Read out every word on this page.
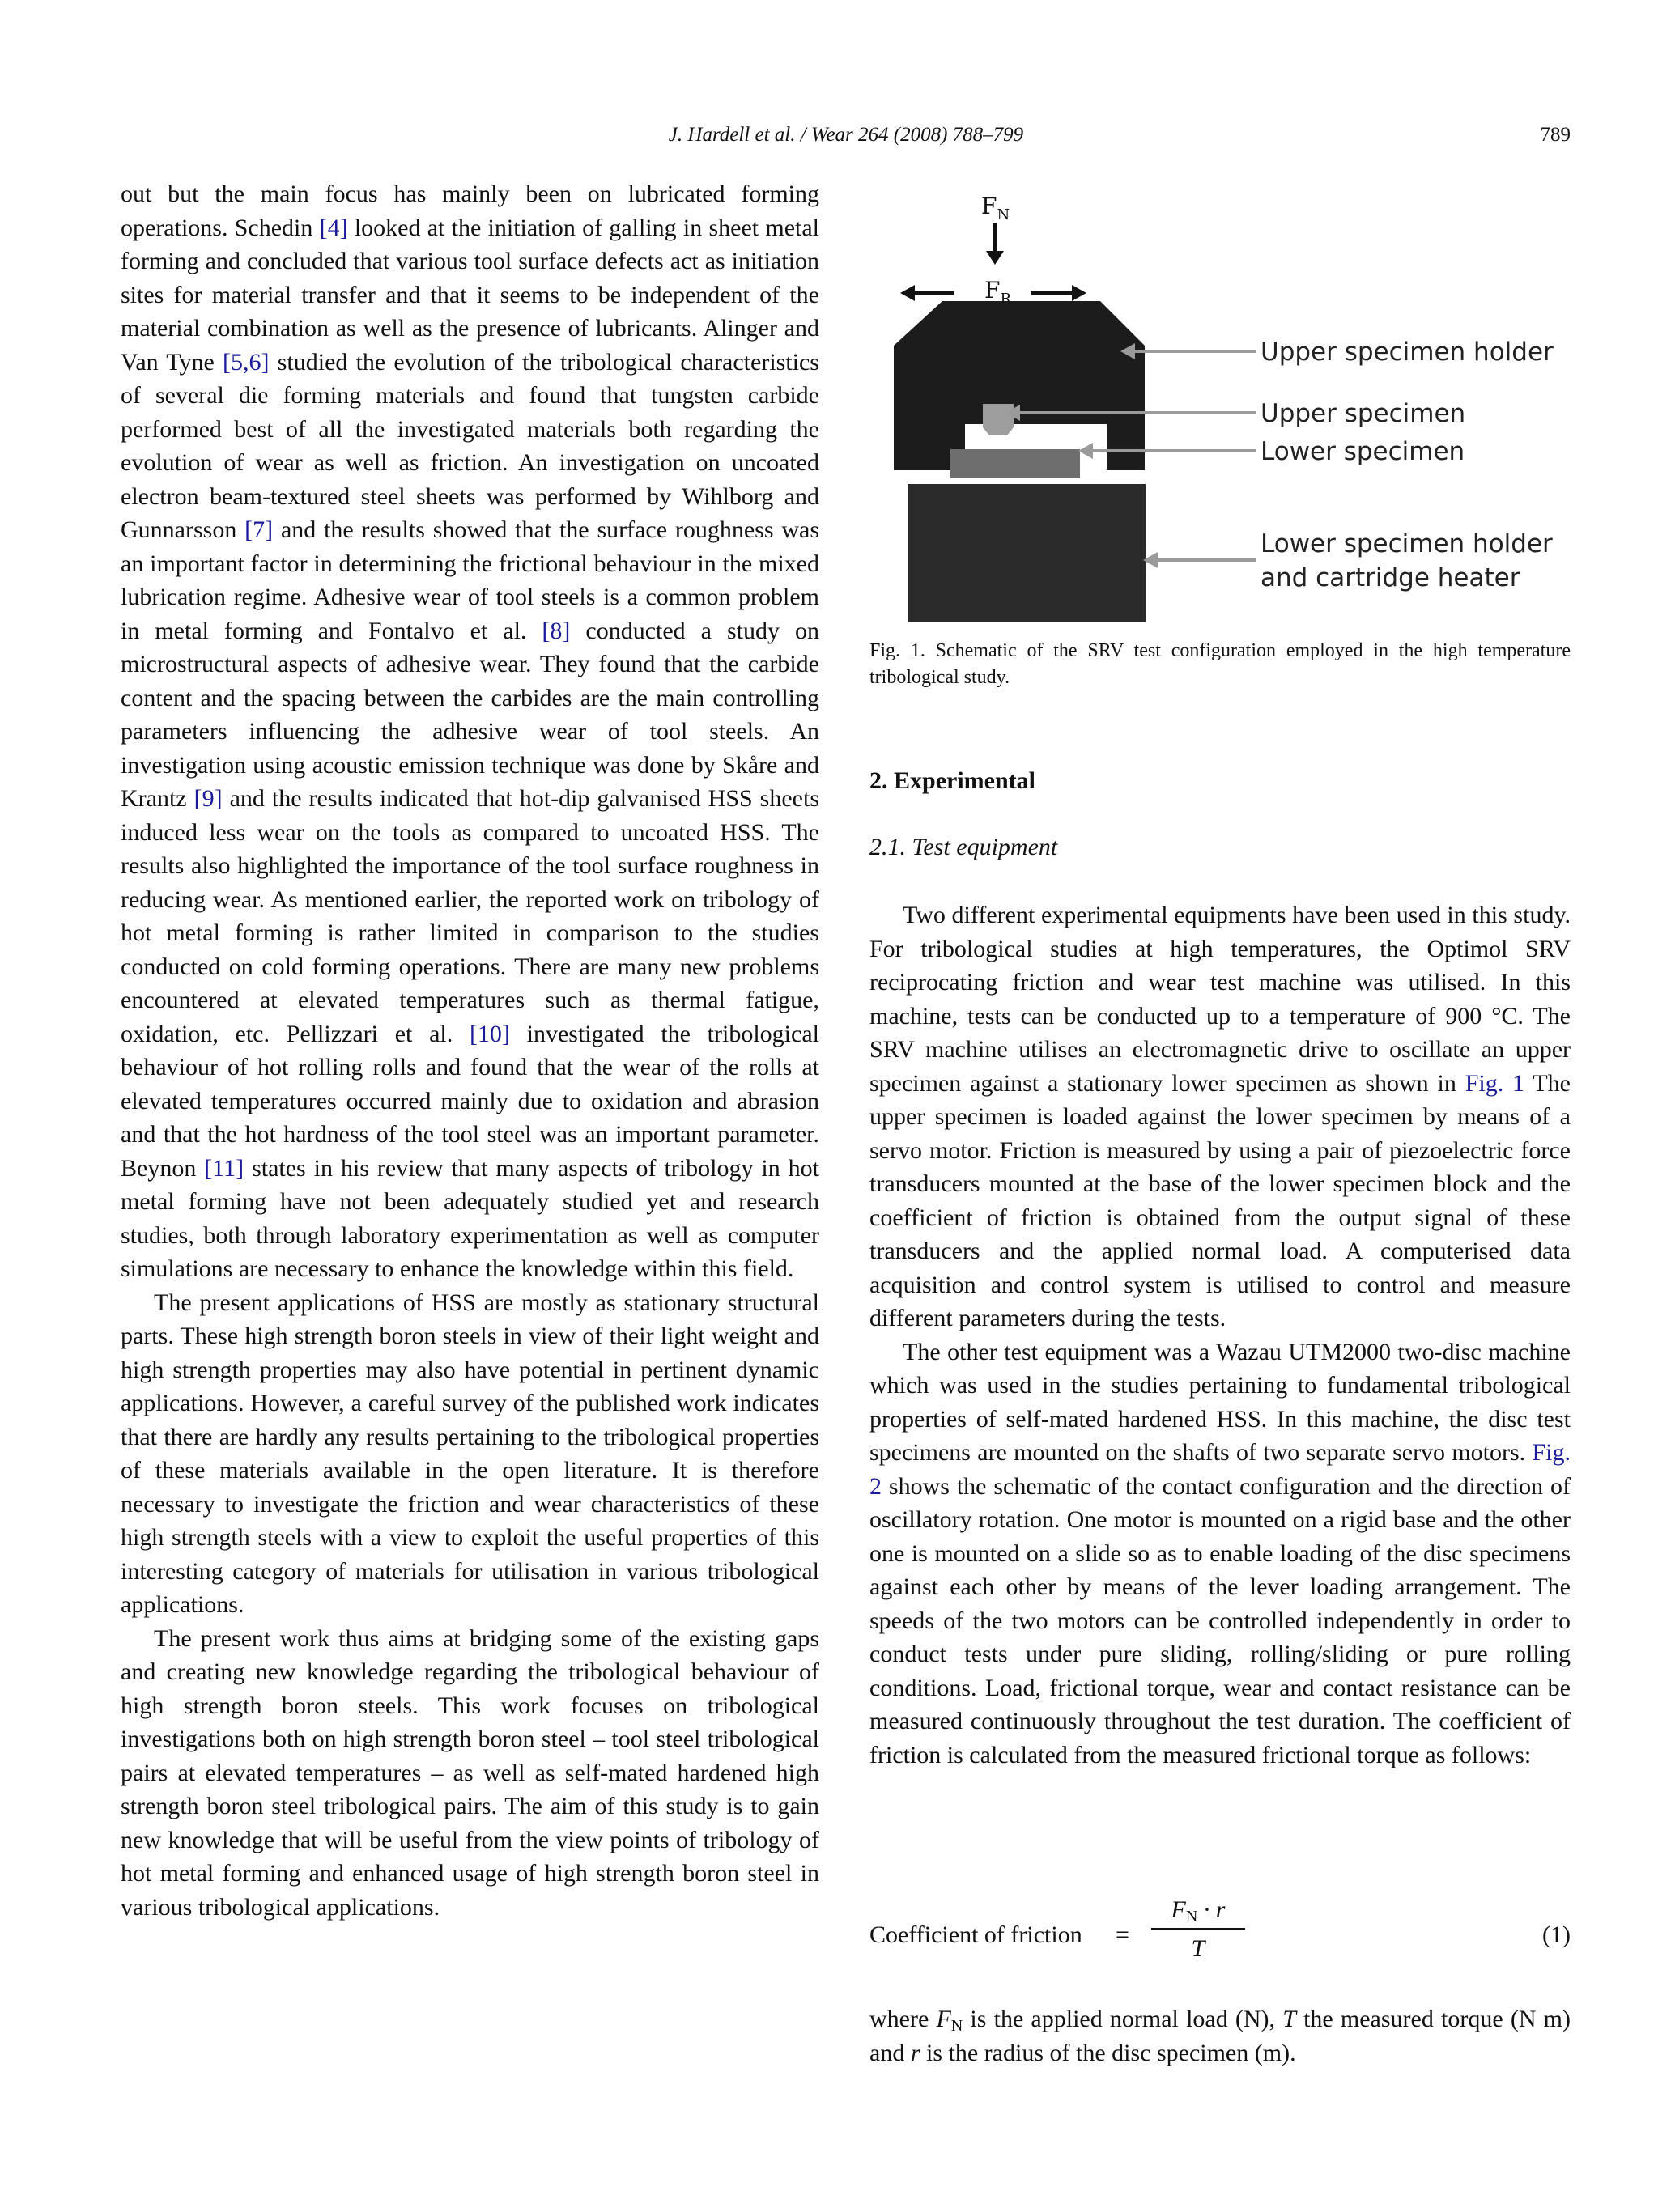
J. Hardell et al. / Wear 264 (2008) 788–799	789

out but the main focus has mainly been on lubricated forming operations. Schedin [4] looked at the initiation of galling in sheet metal forming and concluded that various tool surface defects act as initiation sites for material transfer and that it seems to be independent of the material combination as well as the presence of lubricants. Alinger and Van Tyne [5,6] studied the evolution of the tribological characteristics of several die forming materials and found that tungsten carbide performed best of all the investigated materials both regarding the evolution of wear as well as friction. An investigation on uncoated electron beam-textured steel sheets was performed by Wihlborg and Gunnarsson [7] and the results showed that the surface roughness was an important factor in determining the frictional behaviour in the mixed lubrication regime. Adhesive wear of tool steels is a common problem in metal forming and Fontalvo et al. [8] conducted a study on microstructural aspects of adhesive wear. They found that the carbide content and the spacing between the carbides are the main controlling parameters influencing the adhesive wear of tool steels. An investigation using acoustic emission technique was done by Skåre and Krantz [9] and the results indicated that hot-dip galvanised HSS sheets induced less wear on the tools as compared to uncoated HSS. The results also highlighted the importance of the tool surface roughness in reducing wear. As mentioned earlier, the reported work on tribology of hot metal forming is rather limited in comparison to the studies conducted on cold forming operations. There are many new problems encountered at elevated temperatures such as thermal fatigue, oxidation, etc. Pellizzari et al. [10] investigated the tribological behaviour of hot rolling rolls and found that the wear of the rolls at elevated temperatures occurred mainly due to oxidation and abrasion and that the hot hardness of the tool steel was an important parameter. Beynon [11] states in his review that many aspects of tribology in hot metal forming have not been adequately studied yet and research studies, both through laboratory experimentation as well as computer simulations are necessary to enhance the knowledge within this field.

The present applications of HSS are mostly as stationary structural parts. These high strength boron steels in view of their light weight and high strength properties may also have potential in pertinent dynamic applications. However, a careful survey of the published work indicates that there are hardly any results pertaining to the tribological properties of these materials available in the open literature. It is therefore necessary to investigate the friction and wear characteristics of these high strength steels with a view to exploit the useful properties of this interesting category of materials for utilisation in various tribological applications.

The present work thus aims at bridging some of the existing gaps and creating new knowledge regarding the tribological behaviour of high strength boron steels. This work focuses on tribological investigations both on high strength boron steel – tool steel tribological pairs at elevated temperatures – as well as self-mated hardened high strength boron steel tribological pairs. The aim of this study is to gain new knowledge that will be useful from the view points of tribology of hot metal forming and enhanced usage of high strength boron steel in various tribological applications.

$F_N$
$F_R$
Upper specimen holder
Upper specimen
Lower specimen
Lower specimen holder
and cartridge heater
Fig. 1. Schematic of the SRV test configuration employed in the high temperature tribological study.
2. Experimental
2.1. Test equipment

Two different experimental equipments have been used in this study. For tribological studies at high temperatures, the Optimol SRV reciprocating friction and wear test machine was utilised. In this machine, tests can be conducted up to a temperature of 900 °C. The SRV machine utilises an electromagnetic drive to oscillate an upper specimen against a stationary lower specimen as shown in Fig. 1 The upper specimen is loaded against the lower specimen by means of a servo motor. Friction is measured by using a pair of piezoelectric force transducers mounted at the base of the lower specimen block and the coefficient of friction is obtained from the output signal of these transducers and the applied normal load. A computerised data acquisition and control system is utilised to control and measure different parameters during the tests.

The other test equipment was a Wazau UTM2000 two-disc machine which was used in the studies pertaining to fundamental tribological properties of self-mated hardened HSS. In this machine, the disc test specimens are mounted on the shafts of two separate servo motors. Fig. 2 shows the schematic of the contact configuration and the direction of oscillatory rotation. One motor is mounted on a rigid base and the other one is mounted on a slide so as to enable loading of the disc specimens against each other by means of the lever loading arrangement. The speeds of the two motors can be controlled independently in order to conduct tests under pure sliding, rolling/sliding or pure rolling conditions. Load, frictional torque, wear and contact resistance can be measured continuously throughout the test duration. The coefficient of friction is calculated from the measured frictional torque as follows:

Coefficient of friction = $\frac{F_N \cdot r}{T}$	(1)
where $F_N$ is the applied normal load (N), T the measured torque (N m) and r is the radius of the disc specimen (m).
